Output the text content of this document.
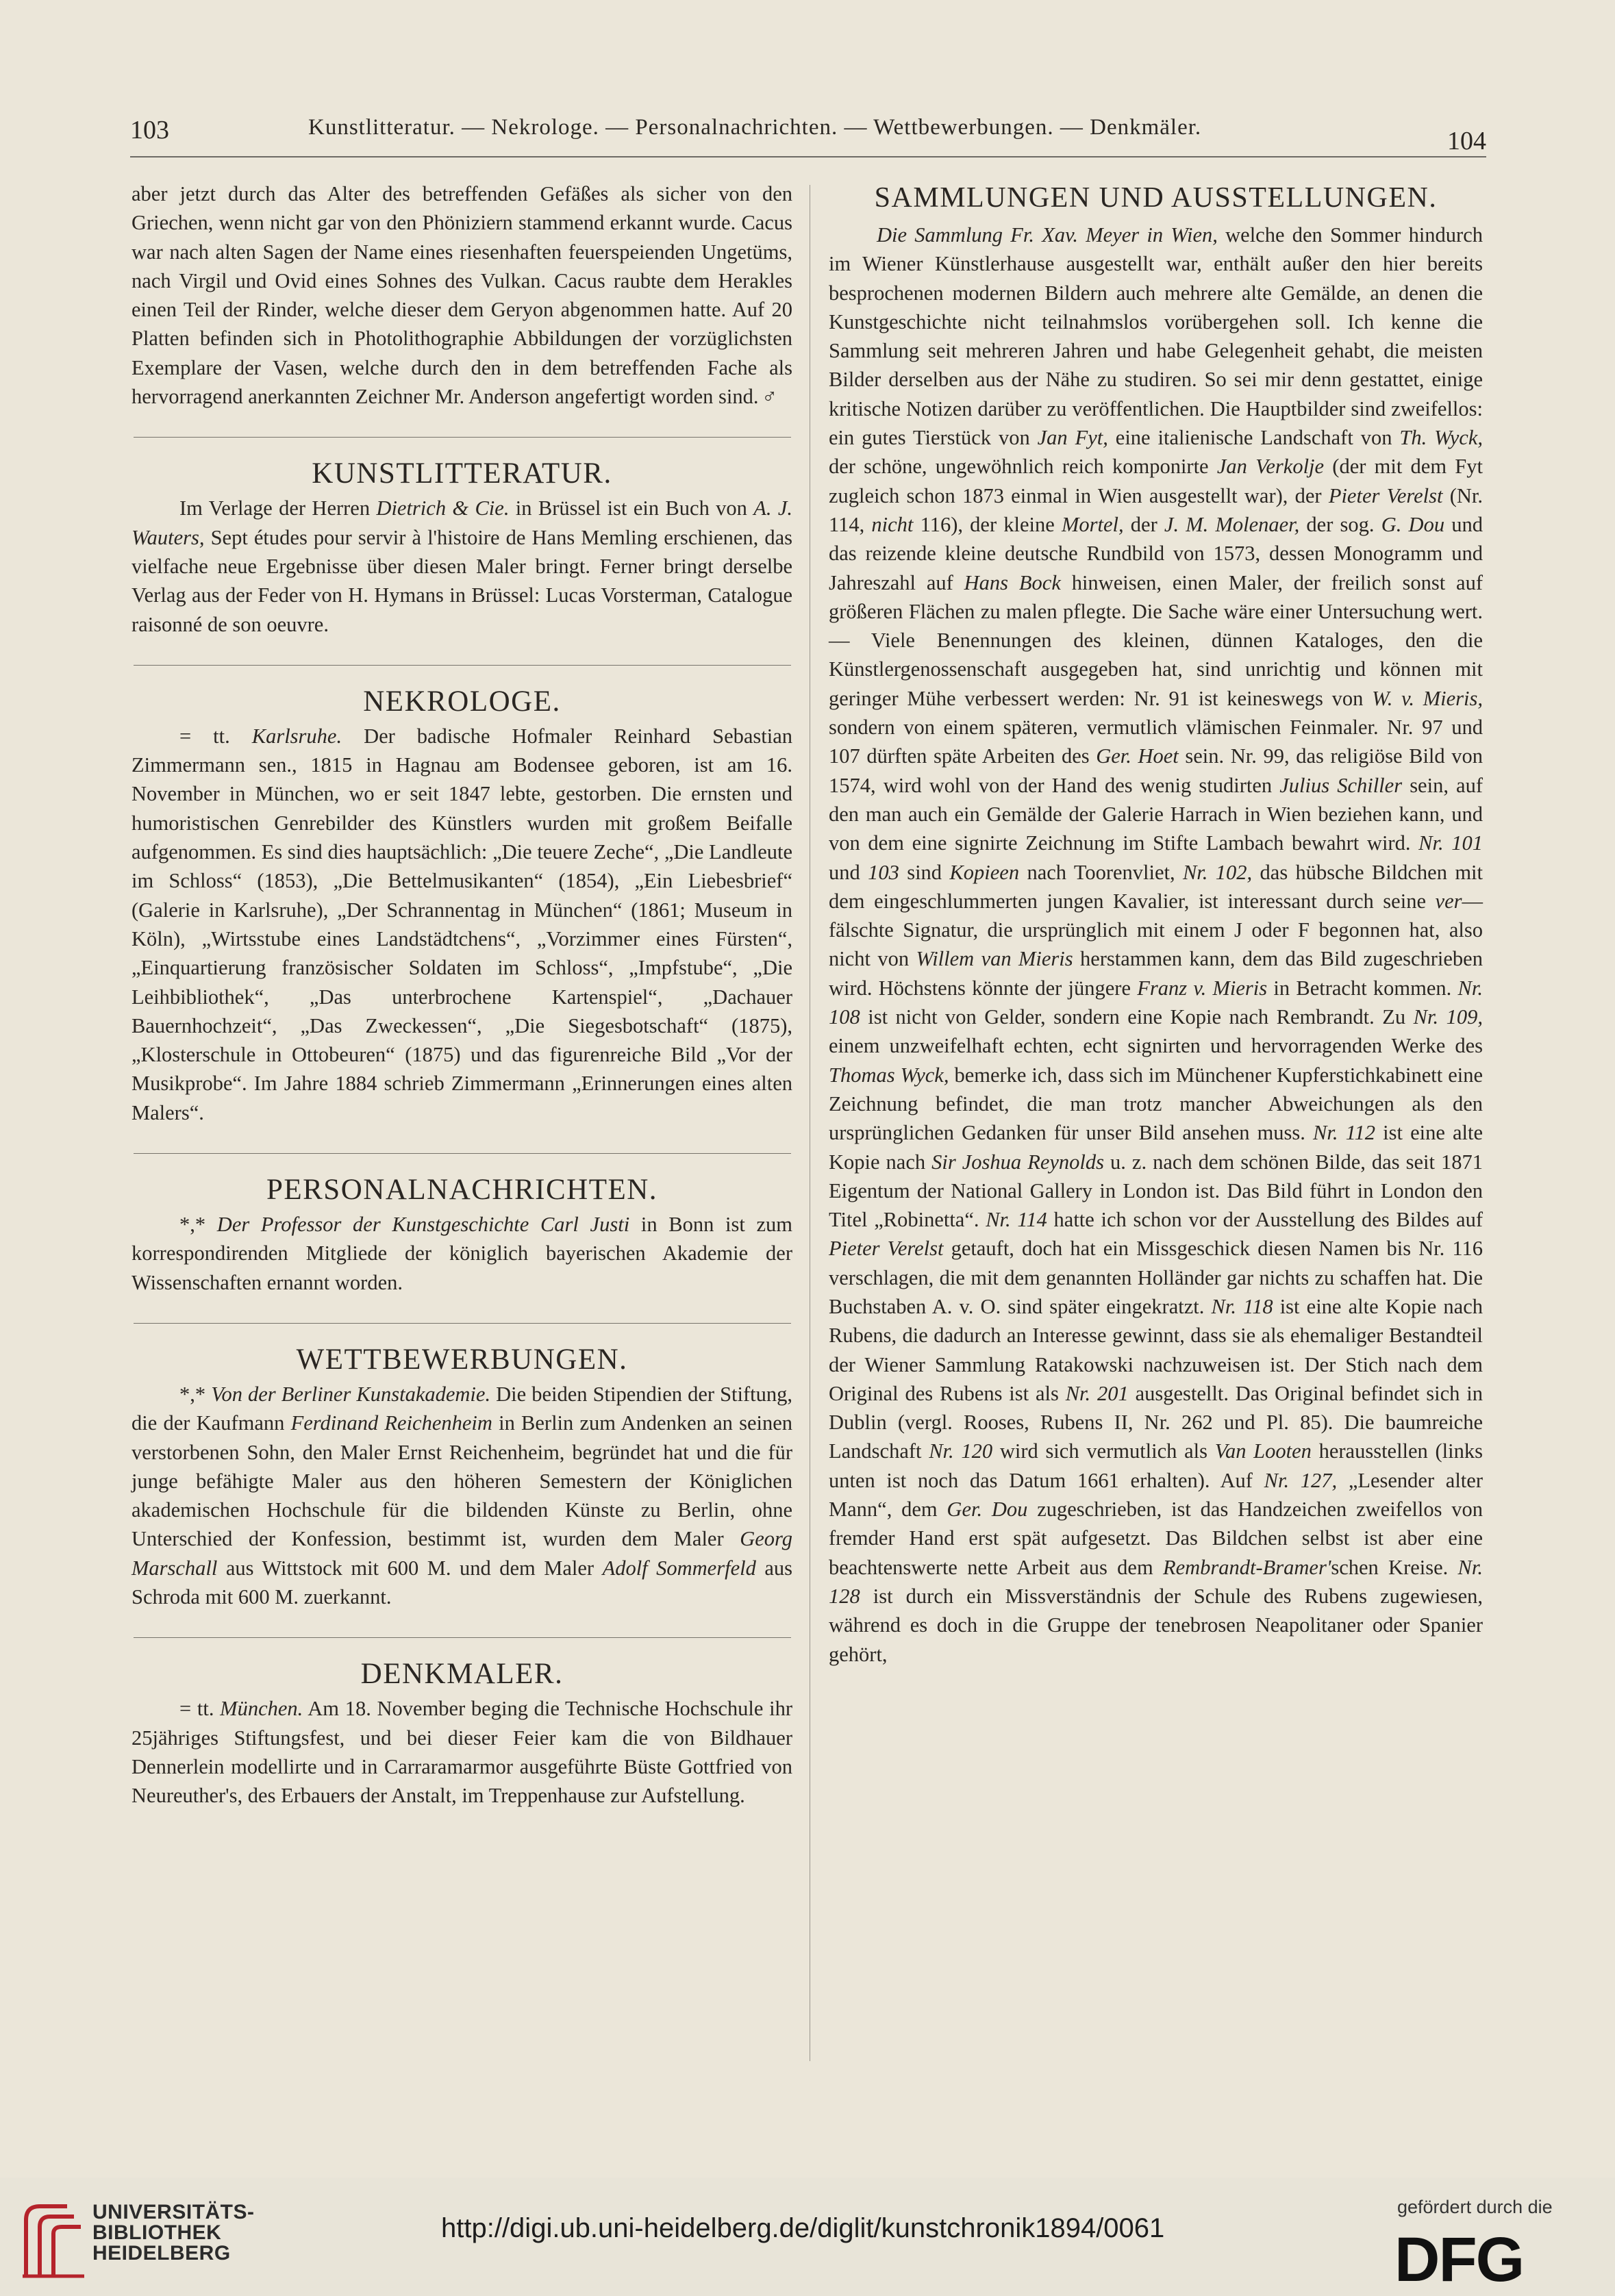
103	Kunstlitteratur. — Nekrologe. — Personalnachrichten. — Wettbewerbungen. — Denkmäler.	104

aber jetzt durch das Alter des betreffenden Gefäßes als sicher von den Griechen, wenn nicht gar von den Phöniziern stammend erkannt wurde. Cacus war nach alten Sagen der Name eines riesenhaften feuerspeienden Ungetüms, nach Virgil und Ovid eines Sohnes des Vulkan. Cacus raubte dem Herakles einen Teil der Rinder, welche dieser dem Geryon abgenommen hatte. Auf 20 Platten befinden sich in Photolithographie Abbildungen der vorzüglichsten Exemplare der Vasen, welche durch den in dem betreffenden Fache als hervorragend anerkannten Zeichner Mr. Anderson angefertigt worden sind. ♂

KUNSTLITTERATUR.

Im Verlage der Herren Dietrich & Cie. in Brüssel ist ein Buch von A. J. Wauters, Sept études pour servir à l'histoire de Hans Memling erschienen, das vielfache neue Ergebnisse über diesen Maler bringt. Ferner bringt derselbe Verlag aus der Feder von H. Hymans in Brüssel: Lucas Vorsterman, Catalogue raisonné de son oeuvre.

NEKROLOGE.

= tt. Karlsruhe. Der badische Hofmaler Reinhard Sebastian Zimmermann sen., 1815 in Hagnau am Bodensee geboren, ist am 16. November in München, wo er seit 1847 lebte, gestorben. Die ernsten und humoristischen Genrebilder des Künstlers wurden mit großem Beifalle aufgenommen. Es sind dies hauptsächlich: „Die teuere Zeche“, „Die Landleute im Schloss“ (1853), „Die Bettelmusikanten“ (1854), „Ein Liebesbrief“ (Galerie in Karlsruhe), „Der Schrannentag in München“ (1861; Museum in Köln), „Wirtsstube eines Landstädtchens“, „Vorzimmer eines Fürsten“, „Einquartierung französischer Soldaten im Schloss“, „Impfstube“, „Die Leihbibliothek“, „Das unterbrochene Kartenspiel“, „Dachauer Bauernhochzeit“, „Das Zweckessen“, „Die Siegesbotschaft“ (1875), „Klosterschule in Ottobeuren“ (1875) und das figurenreiche Bild „Vor der Musikprobe“. Im Jahre 1884 schrieb Zimmermann „Erinnerungen eines alten Malers“.

PERSONALNACHRICHTEN.

*,* Der Professor der Kunstgeschichte Carl Justi in Bonn ist zum korrespondirenden Mitgliede der königlich bayerischen Akademie der Wissenschaften ernannt worden.

WETTBEWERBUNGEN.

*,* Von der Berliner Kunstakademie. Die beiden Stipendien der Stiftung, die der Kaufmann Ferdinand Reichenheim in Berlin zum Andenken an seinen verstorbenen Sohn, den Maler Ernst Reichenheim, begründet hat und die für junge befähigte Maler aus den höheren Semestern der Königlichen akademischen Hochschule für die bildenden Künste zu Berlin, ohne Unterschied der Konfession, bestimmt ist, wurden dem Maler Georg Marschall aus Wittstock mit 600 M. und dem Maler Adolf Sommerfeld aus Schroda mit 600 M. zuerkannt.

DENKMALER.

= tt. München. Am 18. November beging die Technische Hochschule ihr 25jähriges Stiftungsfest, und bei dieser Feier kam die von Bildhauer Dennerlein modellirte und in Carraramarmor ausgeführte Büste Gottfried von Neureuther's, des Erbauers der Anstalt, im Treppenhause zur Aufstellung.

SAMMLUNGEN UND AUSSTELLUNGEN.

Die Sammlung Fr. Xav. Meyer in Wien, welche den Sommer hindurch im Wiener Künstlerhause ausgestellt war, enthält außer den hier bereits besprochenen modernen Bildern auch mehrere alte Gemälde, an denen die Kunstgeschichte nicht teilnahmslos vorübergehen soll. Ich kenne die Sammlung seit mehreren Jahren und habe Gelegenheit gehabt, die meisten Bilder derselben aus der Nähe zu studiren. So sei mir denn gestattet, einige kritische Notizen darüber zu veröffentlichen. Die Hauptbilder sind zweifellos: ein gutes Tierstück von Jan Fyt, eine italienische Landschaft von Th. Wyck, der schöne, ungewöhnlich reich komponirte Jan Verkolje (der mit dem Fyt zugleich schon 1873 einmal in Wien ausgestellt war), der Pieter Verelst (Nr. 114, nicht 116), der kleine Mortel, der J. M. Molenaer, der sog. G. Dou und das reizende kleine deutsche Rundbild von 1573, dessen Monogramm und Jahreszahl auf Hans Bock hinweisen, einen Maler, der freilich sonst auf größeren Flächen zu malen pflegte. Die Sache wäre einer Untersuchung wert. — Viele Benennungen des kleinen, dünnen Kataloges, den die Künstlergenossenschaft ausgegeben hat, sind unrichtig und können mit geringer Mühe verbessert werden: Nr. 91 ist keineswegs von W. v. Mieris, sondern von einem späteren, vermutlich vlämischen Feinmaler. Nr. 97 und 107 dürften späte Arbeiten des Ger. Hoet sein. Nr. 99, das religiöse Bild von 1574, wird wohl von der Hand des wenig studirten Julius Schiller sein, auf den man auch ein Gemälde der Galerie Harrach in Wien beziehen kann, und von dem eine signirte Zeichnung im Stifte Lambach bewahrt wird. Nr. 101 und 103 sind Kopieen nach Toorenvliet, Nr. 102, das hübsche Bildchen mit dem eingeschlummerten jungen Kavalier, ist interessant durch seine ver—fälschte Signatur, die ursprünglich mit einem J oder F begonnen hat, also nicht von Willem van Mieris herstammen kann, dem das Bild zugeschrieben wird. Höchstens könnte der jüngere Franz v. Mieris in Betracht kommen. Nr. 108 ist nicht von Gelder, sondern eine Kopie nach Rembrandt. Zu Nr. 109, einem unzweifelhaft echten, echt signirten und hervorragenden Werke des Thomas Wyck, bemerke ich, dass sich im Münchener Kupferstichkabinett eine Zeichnung befindet, die man trotz mancher Abweichungen als den ursprünglichen Gedanken für unser Bild ansehen muss. Nr. 112 ist eine alte Kopie nach Sir Joshua Reynolds u. z. nach dem schönen Bilde, das seit 1871 Eigentum der National Gallery in London ist. Das Bild führt in London den Titel „Robinetta“. Nr. 114 hatte ich schon vor der Ausstellung des Bildes auf Pieter Verelst getauft, doch hat ein Missgeschick diesen Namen bis Nr. 116 verschlagen, die mit dem genannten Holländer gar nichts zu schaffen hat. Die Buchstaben A. v. O. sind später eingekratzt. Nr. 118 ist eine alte Kopie nach Rubens, die dadurch an Interesse gewinnt, dass sie als ehemaliger Bestandteil der Wiener Sammlung Ratakowski nachzuweisen ist. Der Stich nach dem Original des Rubens ist als Nr. 201 ausgestellt. Das Original befindet sich in Dublin (vergl. Rooses, Rubens II, Nr. 262 und Pl. 85). Die baumreiche Landschaft Nr. 120 wird sich vermutlich als Van Looten herausstellen (links unten ist noch das Datum 1661 erhalten). Auf Nr. 127, „Lesender alter Mann“, dem Ger. Dou zugeschrieben, ist das Handzeichen zweifellos von fremder Hand erst spät aufgesetzt. Das Bildchen selbst ist aber eine beachtenswerte nette Arbeit aus dem Rembrandt-Bramer'schen Kreise. Nr. 128 ist durch ein Missverständnis der Schule des Rubens zugewiesen, während es doch in die Gruppe der tenebrosen Neapolitaner oder Spanier gehört,

UNIVERSITÄTS-
BIBLIOTHEK
HEIDELBERG
http://digi.ub.uni-heidelberg.de/diglit/kunstchronik1894/0061
gefördert durch die
DFG
